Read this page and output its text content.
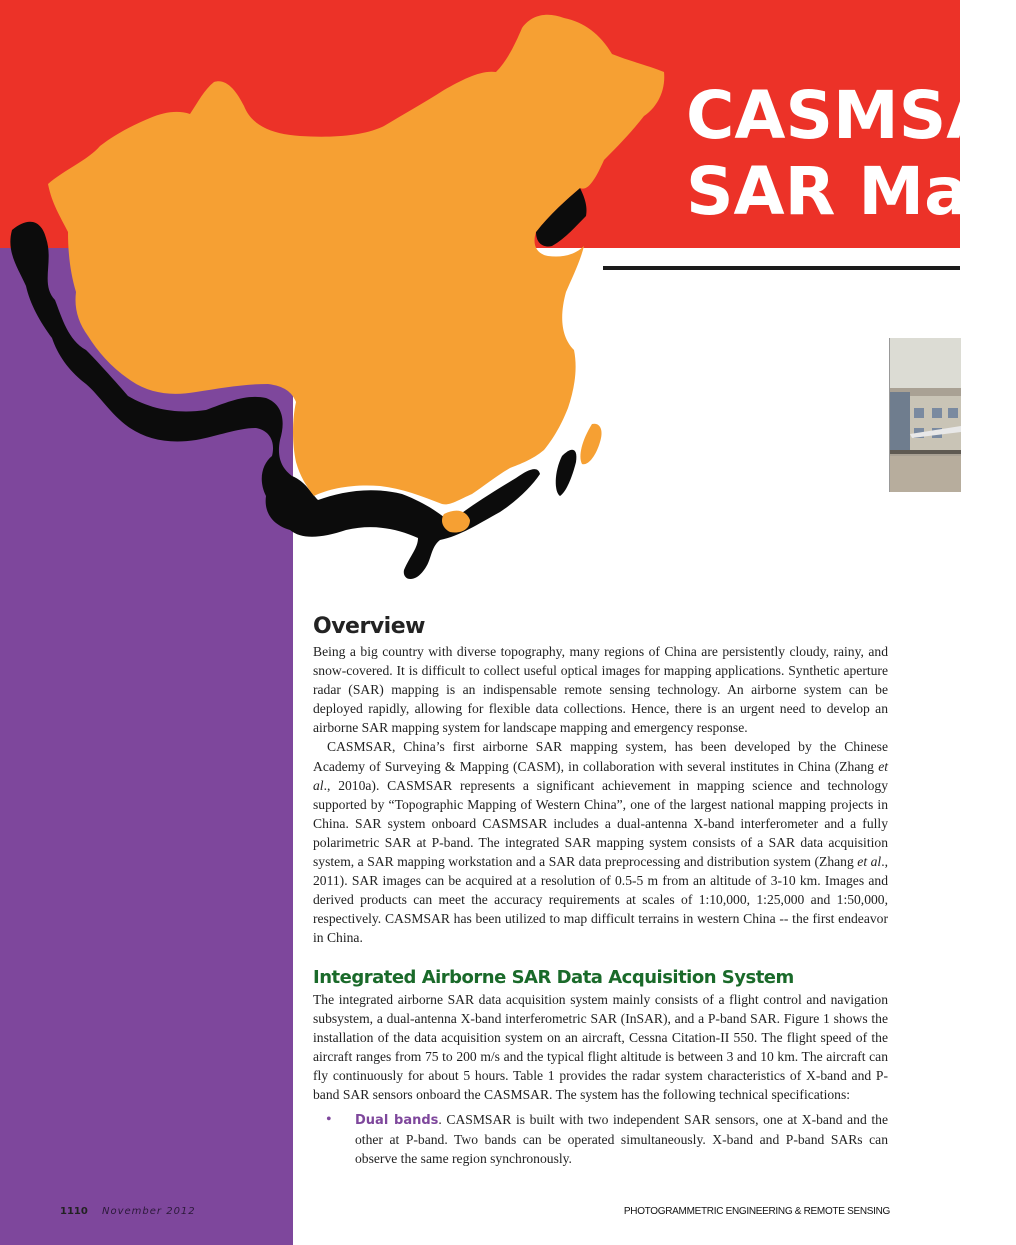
CASMSA
SAR Map
Overview

Being a big country with diverse topography, many regions of China are persistently cloudy, rainy, and snow-covered. It is difficult to collect useful optical images for mapping applications. Synthetic aperture radar (SAR) mapping is an indispensable remote sensing technology. An airborne system can be deployed rapidly, allowing for flexible data collections. Hence, there is an urgent need to develop an airborne SAR mapping system for landscape mapping and emergency response.

CASMSAR, China’s first airborne SAR mapping system, has been developed by the Chinese Academy of Surveying & Mapping (CASM), in collaboration with several institutes in China (Zhang et al., 2010a). CASMSAR represents a significant achievement in mapping science and technology supported by “Topographic Mapping of Western China”, one of the largest national mapping projects in China. SAR system onboard CASMSAR includes a dual-antenna X-band interferometer and a fully polarimetric SAR at P-band. The integrated SAR mapping system consists of a SAR data acquisition system, a SAR mapping workstation and a SAR data preprocessing and distribution system (Zhang et al., 2011). SAR images can be acquired at a resolution of 0.5-5 m from an altitude of 3-10 km. Images and derived products can meet the accuracy requirements at scales of 1:10,000, 1:25,000 and 1:50,000, respectively. CASMSAR has been utilized to map difficult terrains in western China -- the first endeavor in China.

Integrated Airborne SAR Data Acquisition System

The integrated airborne SAR data acquisition system mainly consists of a flight control and navigation subsystem, a dual-antenna X-band interferometric SAR (InSAR), and a P-band SAR. Figure 1 shows the installation of the data acquisition system on an aircraft, Cessna Citation-II 550. The flight speed of the aircraft ranges from 75 to 200 m/s and the typical flight altitude is between 3 and 10 km. The aircraft can fly continuously for about 5 hours. Table 1 provides the radar system characteristics of X-band and P-band SAR sensors onboard the CASMSAR. The system has the following technical specifications:

• Dual bands. CASMSAR is built with two independent SAR sensors, one at X-band and the other at P-band. Two bands can be operated simultaneously. X-band and P-band SARs can observe the same region synchronously.
1110 November 2012	PHOTOGRAMMETRIC ENGINEERING & REMOTE SENSING
